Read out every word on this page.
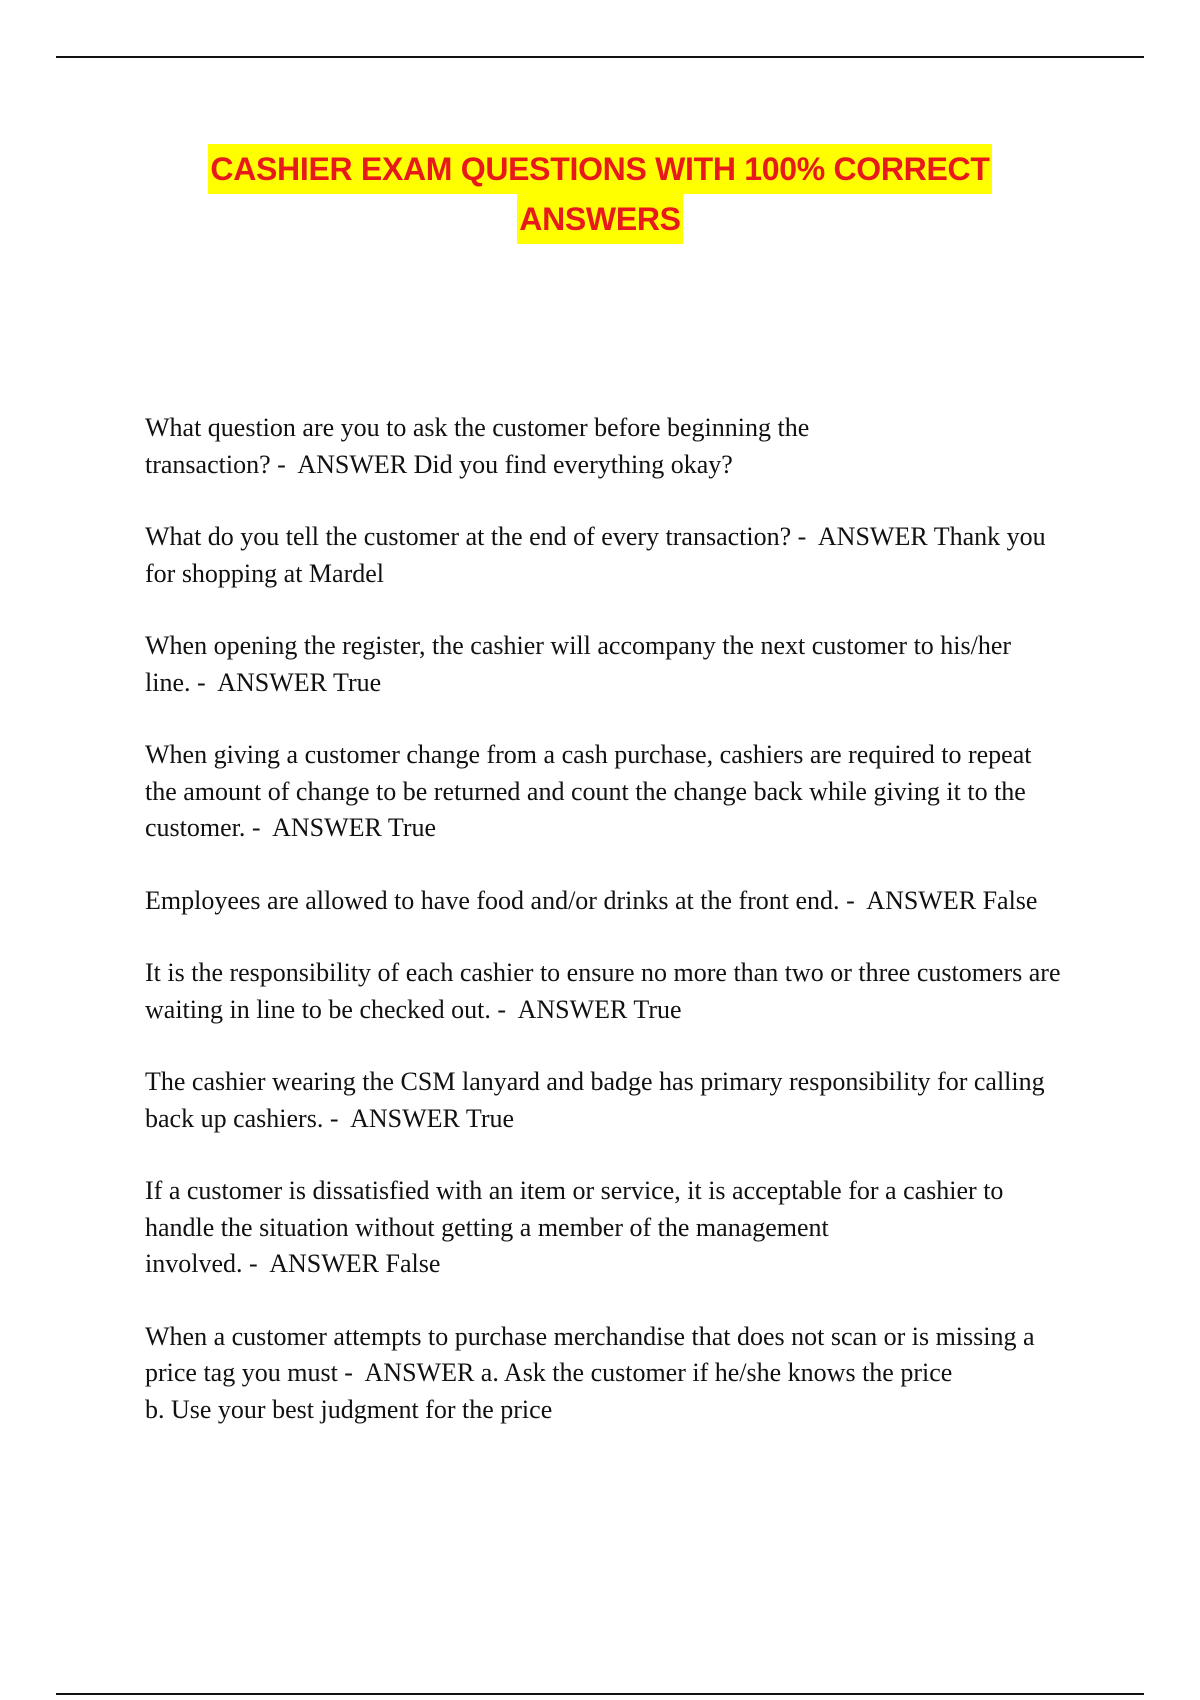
CASHIER EXAM QUESTIONS WITH 100% CORRECT
ANSWERS

What question are you to ask the customer before beginning the transaction? - ANSWER Did you find everything okay?

What do you tell the customer at the end of every transaction? - ANSWER Thank you for shopping at Mardel

When opening the register, the cashier will accompany the next customer to his/her line. - ANSWER True

When giving a customer change from a cash purchase, cashiers are required to repeat the amount of change to be returned and count the change back while giving it to the customer. - ANSWER True

Employees are allowed to have food and/or drinks at the front end. - ANSWER False

It is the responsibility of each cashier to ensure no more than two or three customers are waiting in line to be checked out. - ANSWER True

The cashier wearing the CSM lanyard and badge has primary responsibility for calling back up cashiers. - ANSWER True

If a customer is dissatisfied with an item or service, it is acceptable for a cashier to handle the situation without getting a member of the management involved. - ANSWER False

When a customer attempts to purchase merchandise that does not scan or is missing a price tag you must - ANSWER a. Ask the customer if he/she knows the price
b. Use your best judgment for the price
